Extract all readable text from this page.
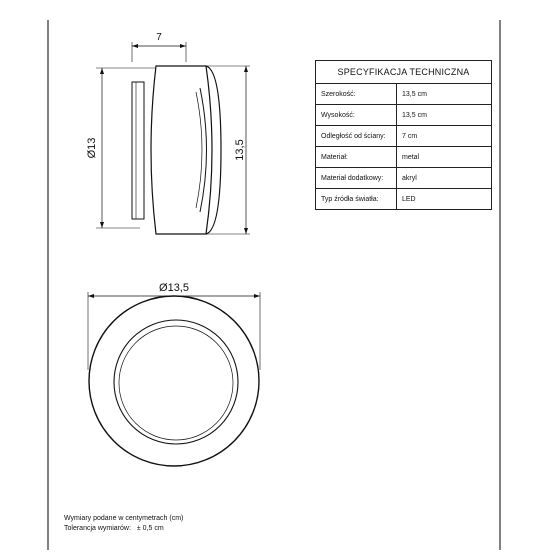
7
Ø13	13,5
Ø13,5
SPECYFIKACJA TECHNICZNA	
Szerokość:	13,5 cm
Wysokość:	13,5 cm
Odległość od ściany:	7 cm
Materiał:	metal
Materiał dodatkowy:	akryl
Typ źródła światła:	LED
Wymiary podane w centymetrach (cm)
Tolerancja wymiarów: ± 0,5 cm
